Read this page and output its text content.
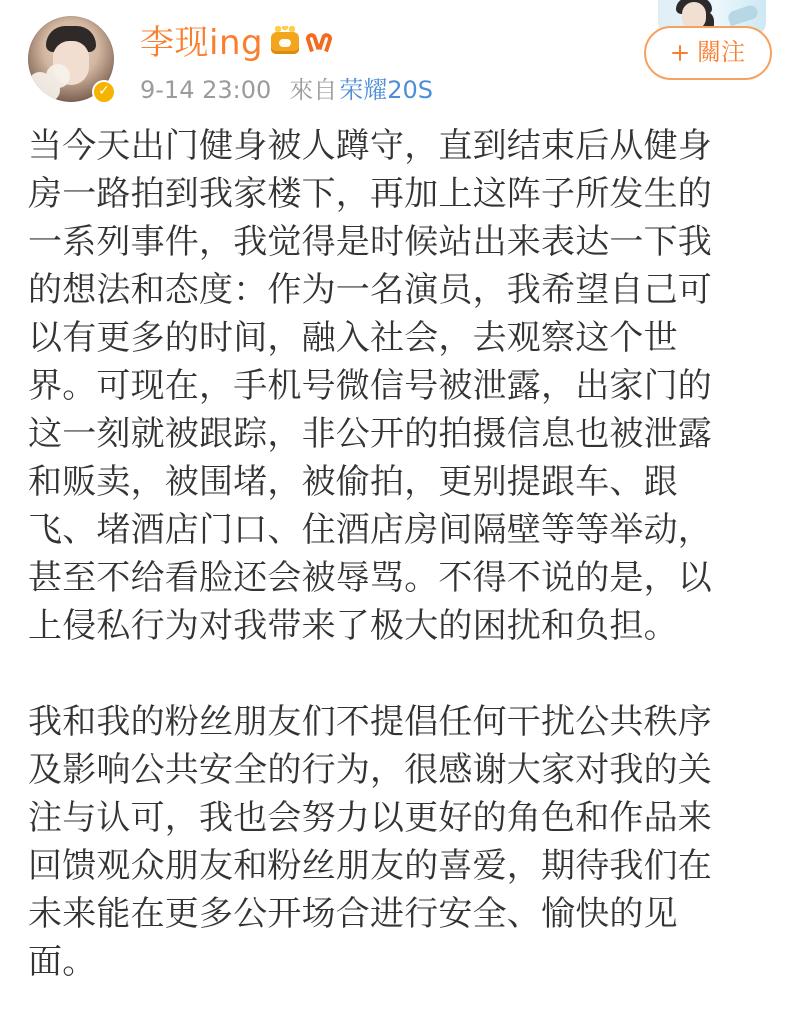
✓
李现ing
9-14 23:00 來自 荣耀20S
關注
当今天出门健身被人蹲守，直到结束后从健身
房一路拍到我家楼下，再加上这阵子所发生的
一系列事件，我觉得是时候站出来表达一下我
的想法和态度：作为一名演员，我希望自己可
以有更多的时间，融入社会，去观察这个世
界。可现在，手机号微信号被泄露，出家门的
这一刻就被跟踪，非公开的拍摄信息也被泄露
和贩卖，被围堵，被偷拍，更别提跟车、跟
飞、堵酒店门口、住酒店房间隔壁等等举动，
甚至不给看脸还会被辱骂。不得不说的是，以
上侵私行为对我带来了极大的困扰和负担。
我和我的粉丝朋友们不提倡任何干扰公共秩序
及影响公共安全的行为，很感谢大家对我的关
注与认可，我也会努力以更好的角色和作品来
回馈观众朋友和粉丝朋友的喜爱，期待我们在
未来能在更多公开场合进行安全、愉快的见
面。
